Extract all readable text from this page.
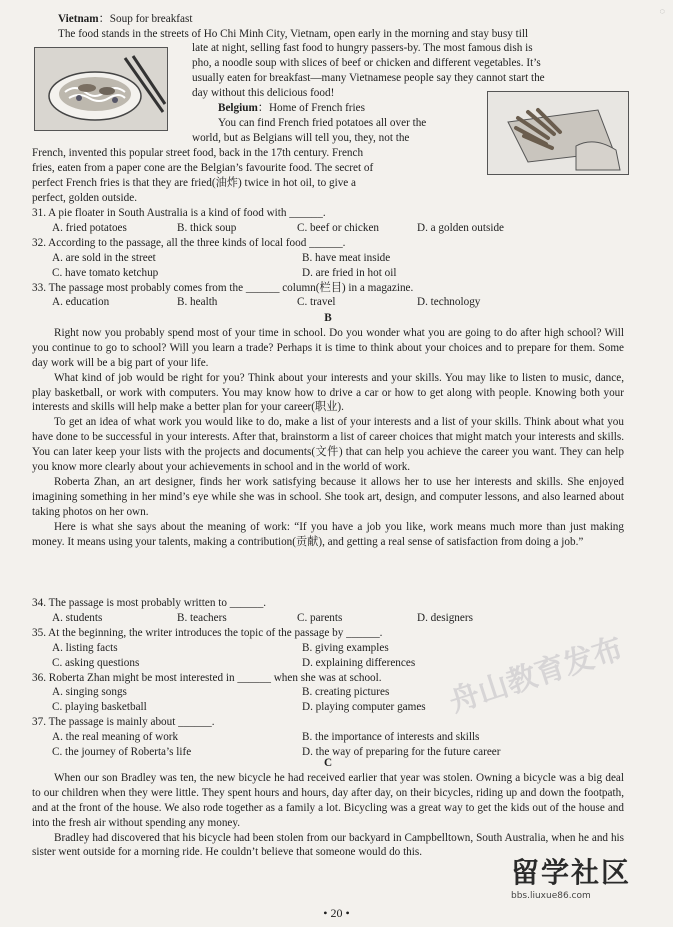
◌

Vietnam：Soup for breakfast

The food stands in the streets of Ho Chi Minh City, Vietnam, open early in the morning and stay busy till

late at night, selling fast food to hungry passers-by. The most famous dish is

pho, a noodle soup with slices of beef or chicken and different vegetables. It’s

usually eaten for breakfast—many Vietnamese people say they cannot start the

day without this delicious food!

Belgium：Home of French fries

You can find French fried potatoes all over the

world, but as Belgians will tell you, they, not the

French, invented this popular street food, back in the 17th century. French

fries, eaten from a paper cone are the Belgian’s favourite food. The secret of

perfect French fries is that they are fried(油炸) twice in hot oil, to give a

perfect, golden outside.

31. A pie floater in South Australia is a kind of food with ______.

A. fried potatoes	B. thick soup	C. beef or chicken	D. a golden outside

32. According to the passage, all the three kinds of local food ______.

A. are sold in the street	B. have meat inside
C. have tomato ketchup	D. are fried in hot oil

33. The passage most probably comes from the ______ column(栏目) in a magazine.

A. education	B. health	C. travel	D. technology

B

Right now you probably spend most of your time in school. Do you wonder what you are going to do after high school? Will you continue to go to school? Will you learn a trade? Perhaps it is time to think about your choices and to prepare for them. Some day work will be a big part of your life.

What kind of job would be right for you? Think about your interests and your skills. You may like to listen to music, dance, play basketball, or work with computers. You may know how to drive a car or how to get along with people. Knowing both your interests and skills will help make a better plan for your career(职业).

To get an idea of what work you would like to do, make a list of your interests and a list of your skills. Think about what you have done to be successful in your interests. After that, brainstorm a list of career choices that might match your interests and skills. You can later keep your lists with the projects and documents(文件) that can help you achieve the career you want. They can help you know more clearly about your achievements in school and in the world of work.

Roberta Zhan, an art designer, finds her work satisfying because it allows her to use her interests and skills. She enjoyed imagining something in her mind’s eye while she was in school. She took art, design, and computer lessons, and also learned about taking photos on her own.

Here is what she says about the meaning of work: “If you have a job you like, work means much more than just making money. It means using your talents, making a contribution(贡献), and getting a real sense of satisfaction from doing a job.”

34. The passage is most probably written to ______.

A. students	B. teachers	C. parents	D. designers

35. At the beginning, the writer introduces the topic of the passage by ______.

A. listing facts	B. giving examples
C. asking questions	D. explaining differences

36. Roberta Zhan might be most interested in ______ when she was at school.

A. singing songs	B. creating pictures
C. playing basketball	D. playing computer games

37. The passage is mainly about ______.

A. the real meaning of work	B. the importance of interests and skills
C. the journey of Roberta’s life	D. the way of preparing for the future career

C

When our son Bradley was ten, the new bicycle he had received earlier that year was stolen. Owning a bicycle was a big deal to our children when they were little. They spent hours and hours, day after day, on their bicycles, riding up and down the footpath, and at the front of the house. We also rode together as a family a lot. Bicycling was a great way to get the kids out of the house and into the fresh air without spending any money.

Bradley had discovered that his bicycle had been stolen from our backyard in Campbelltown, South Australia, when he and his sister went outside for a morning ride. He couldn’t believe that someone would do this.

舟山教育发布
留学社区
bbs.liuxue86.com
• 20 •
